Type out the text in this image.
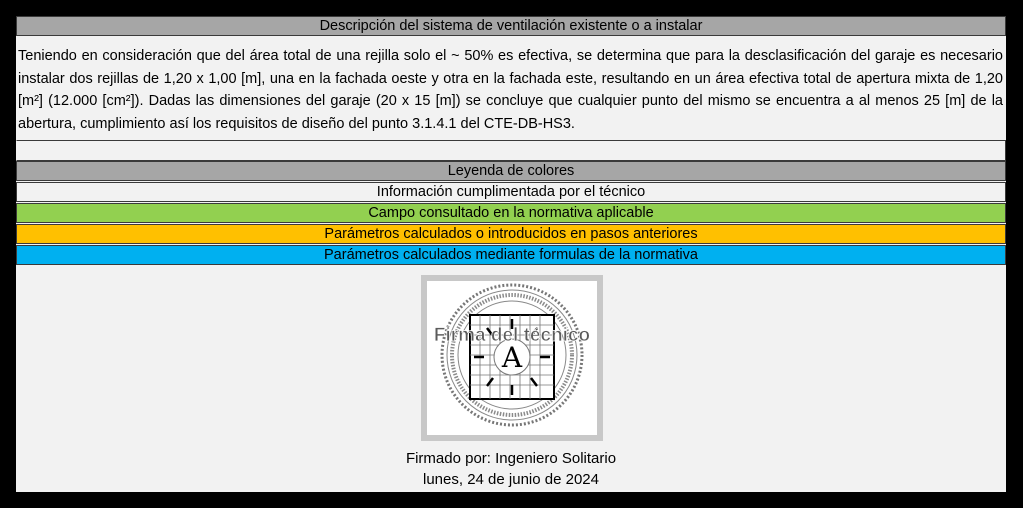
Descripción del sistema de ventilación existente o a instalar
Teniendo en consideración que del área total de una rejilla solo el ~ 50% es efectiva, se determina que para la desclasificación del garaje es necesario instalar dos rejillas de 1,20 x 1,00 [m], una en la fachada oeste y otra en la fachada este, resultando en un área efectiva total de apertura mixta de 1,20 [m²] (12.000 [cm²]). Dadas las dimensiones del garaje (20 x 15 [m]) se concluye que cualquier punto del mismo se encuentra a al menos 25 [m] de la abertura, cumplimiento así los requisitos de diseño del punto 3.1.4.1 del CTE-DB-HS3.
Leyenda de colores
Información cumplimentada por el técnico
Campo consultado en la normativa aplicable
Parámetros calculados o introducidos en pasos anteriores
Parámetros calculados mediante formulas de la normativa
A
Firma del técnico
Firmado por: Ingeniero Solitario
lunes, 24 de junio de 2024
